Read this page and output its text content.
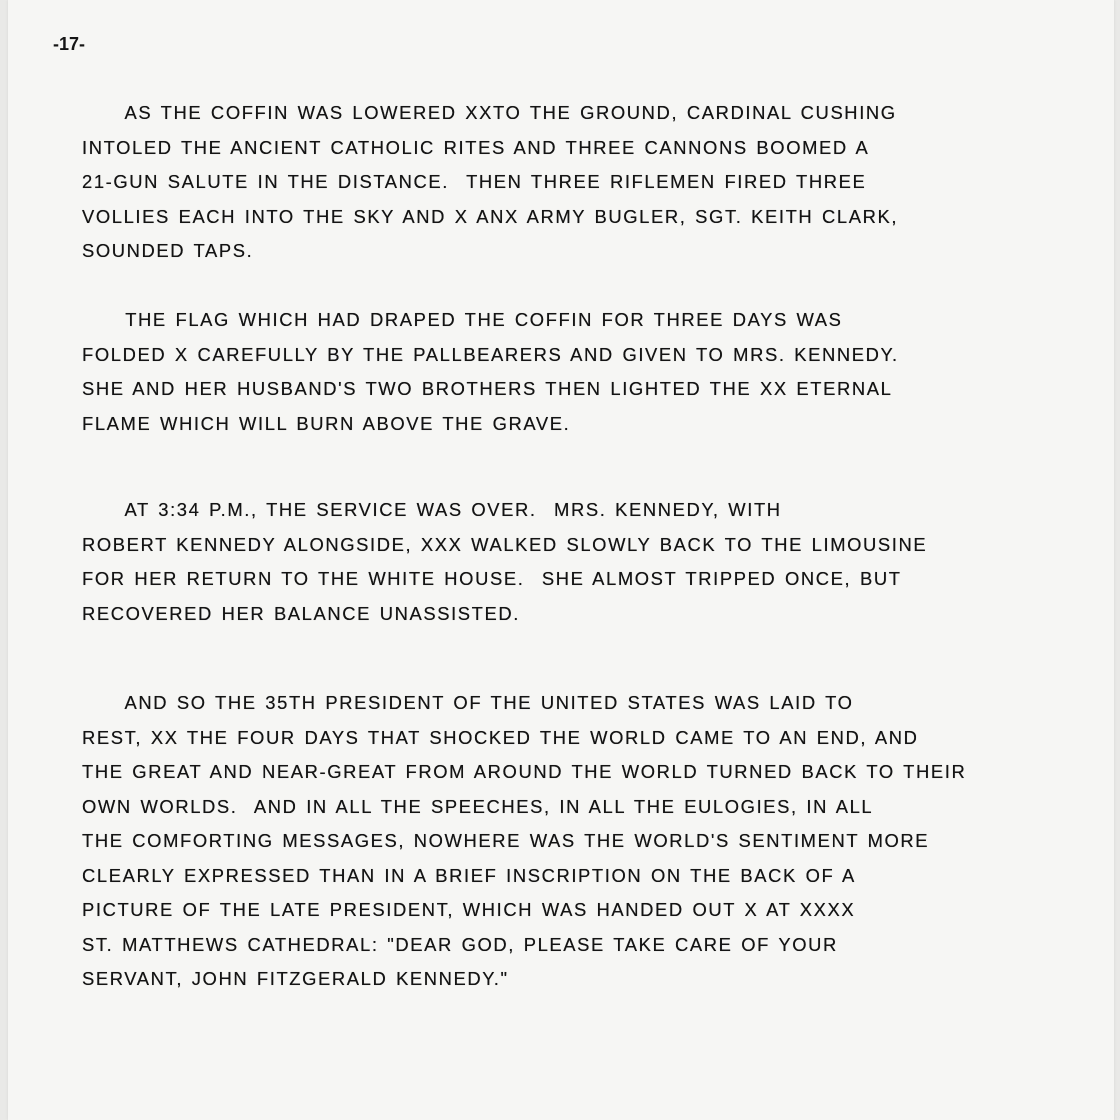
-17-
AS THE COFFIN WAS LOWERED XXTO THE GROUND, CARDINAL CUSHING
INTOLED THE ANCIENT CATHOLIC RITES AND THREE CANNONS BOOMED A
21-GUN SALUTE IN THE DISTANCE.  THEN THREE RIFLEMEN FIRED THREE
VOLLIES EACH INTO THE SKY AND X ANX ARMY BUGLER, SGT. KEITH CLARK,
SOUNDED TAPS.
THE FLAG WHICH HAD DRAPED THE COFFIN FOR THREE DAYS WAS
FOLDED X CAREFULLY BY THE PALLBEARERS AND GIVEN TO MRS. KENNEDY.
SHE AND HER HUSBAND'S TWO BROTHERS THEN LIGHTED THE XX ETERNAL
FLAME WHICH WILL BURN ABOVE THE GRAVE.
AT 3:34 P.M., THE SERVICE WAS OVER.  MRS. KENNEDY, WITH
ROBERT KENNEDY ALONGSIDE, XXX WALKED SLOWLY BACK TO THE LIMOUSINE
FOR HER RETURN TO THE WHITE HOUSE.  SHE ALMOST TRIPPED ONCE, BUT
RECOVERED HER BALANCE UNASSISTED.
AND SO THE 35TH PRESIDENT OF THE UNITED STATES WAS LAID TO
REST, XX THE FOUR DAYS THAT SHOCKED THE WORLD CAME TO AN END, AND
THE GREAT AND NEAR-GREAT FROM AROUND THE WORLD TURNED BACK TO THEIR
OWN WORLDS.  AND IN ALL THE SPEECHES, IN ALL THE EULOGIES, IN ALL
THE COMFORTING MESSAGES, NOWHERE WAS THE WORLD'S SENTIMENT MORE
CLEARLY EXPRESSED THAN IN A BRIEF INSCRIPTION ON THE BACK OF A
PICTURE OF THE LATE PRESIDENT, WHICH WAS HANDED OUT X AT XXXX
ST. MATTHEWS CATHEDRAL: "DEAR GOD, PLEASE TAKE CARE OF YOUR
SERVANT, JOHN FITZGERALD KENNEDY."
